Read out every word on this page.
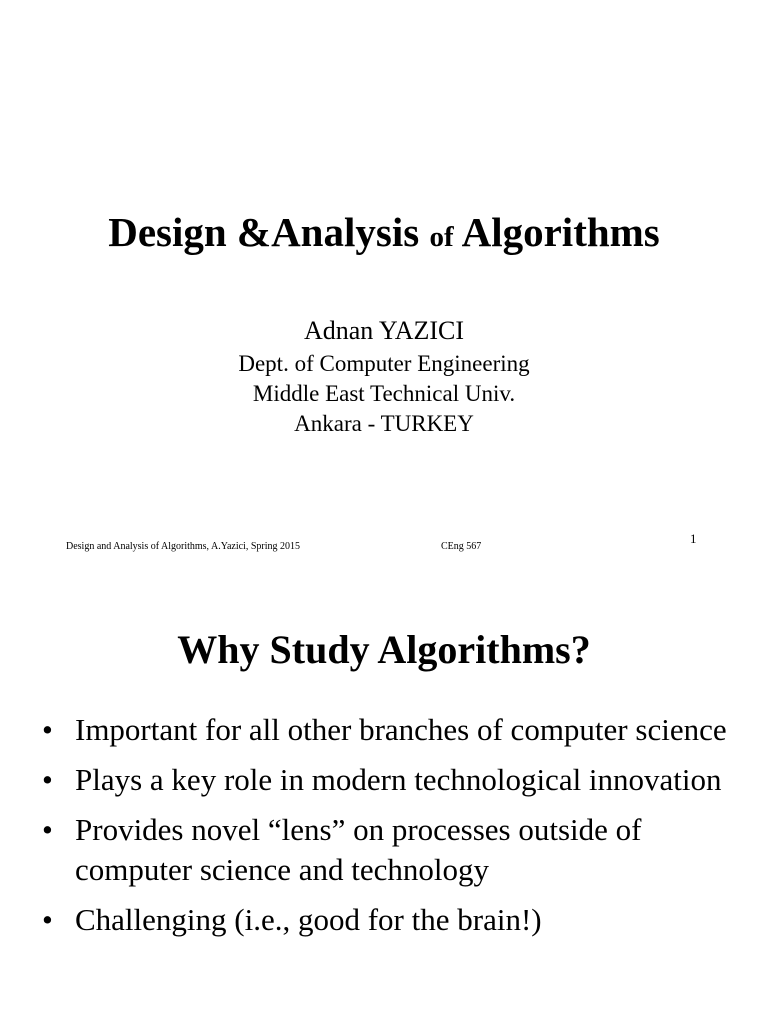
Design &Analysis of Algorithms
Adnan YAZICI
Dept. of Computer Engineering
Middle East Technical Univ.
Ankara - TURKEY
Design and Analysis of Algorithms, A.Yazici, Spring 2015	CEng 567
1
Why Study Algorithms?
• Important for all other branches of computer science
• Plays a key role in modern technological innovation
• Provides novel “lens” on processes outside of computer science and technology
• Challenging (i.e., good for the brain!)
